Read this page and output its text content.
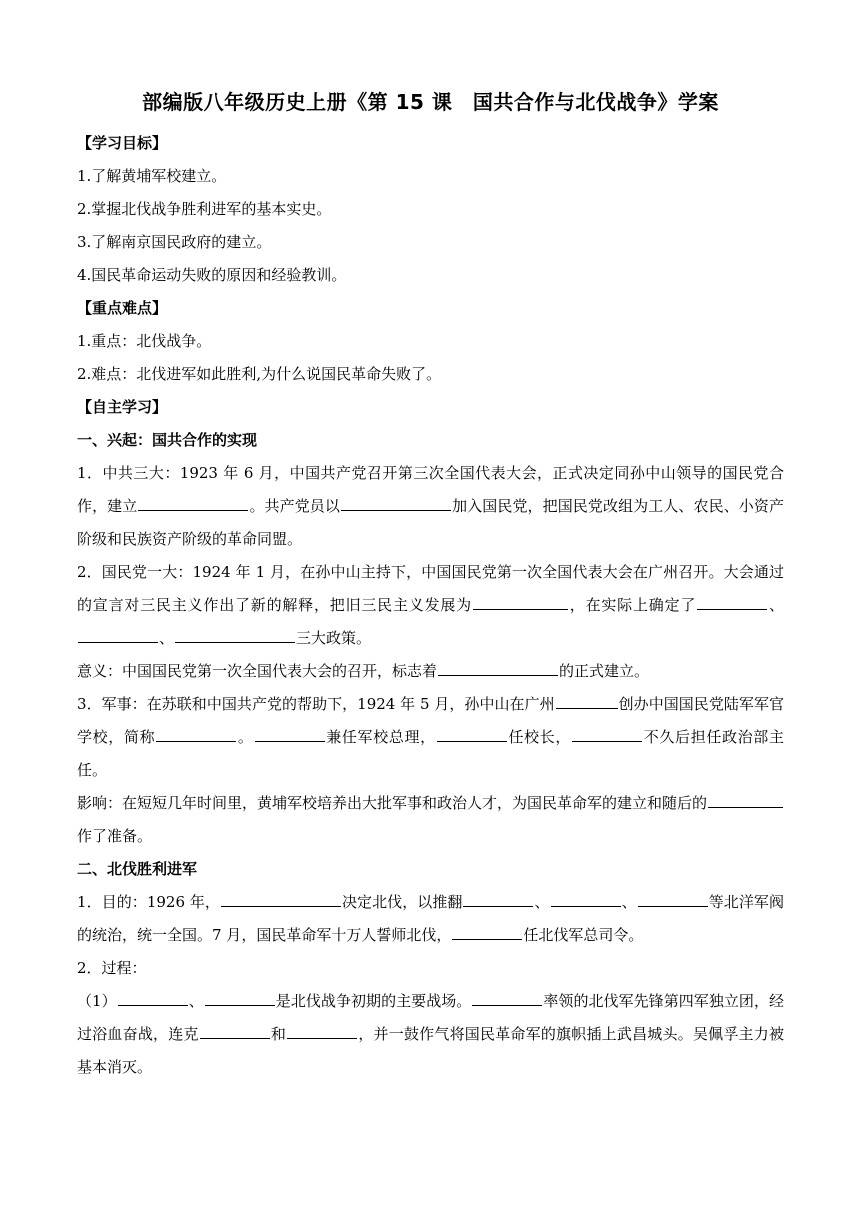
部编版八年级历史上册《第 15 课　国共合作与北伐战争》学案
【学习目标】
1.了解黄埔军校建立。
2.掌握北伐战争胜利进军的基本实史。
3.了解南京国民政府的建立。
4.国民革命运动失败的原因和经验教训。
【重点难点】
1.重点：北伐战争。
2.难点：北伐进军如此胜利,为什么说国民革命失败了。
【自主学习】
一、兴起：国共合作的实现
1．中共三大：1923 年 6 月，中国共产党召开第三次全国代表大会，正式决定同孙中山领导的国民党合作，建立	。共产党员以	加入国民党，把国民党改组为工人、农民、小资产阶级和民族资产阶级的革命同盟。
2．国民党一大：1924 年 1 月，在孙中山主持下，中国国民党第一次全国代表大会在广州召开。大会通过的宣言对三民主义作出了新的解释，把旧三民主义发展为	，在实际上确定了	、、	三大政策。
意义：中国国民党第一次全国代表大会的召开，标志着	的正式建立。
3．军事：在苏联和中国共产党的帮助下，1924 年 5 月，孙中山在广州	创办中国国民党陆军军官学校，简称	。	兼任军校总理，	任校长，	不久后担任政治部主任。
影响：在短短几年时间里，黄埔军校培养出大批军事和政治人才，为国民革命军的建立和随后的作了准备。
二、北伐胜利进军
1．目的：1926 年，	决定北伐，以推翻	、	、	等北洋军阀的统治，统一全国。7 月，国民革命军十万人誓师北伐，	任北伐军总司令。
2．过程：
（1）	、	是北伐战争初期的主要战场。	率领的北伐军先锋第四军独立团，经过浴血奋战，连克	和	，并一鼓作气将国民革命军的旗帜插上武昌城头。吴佩孚主力被基本消灭。
